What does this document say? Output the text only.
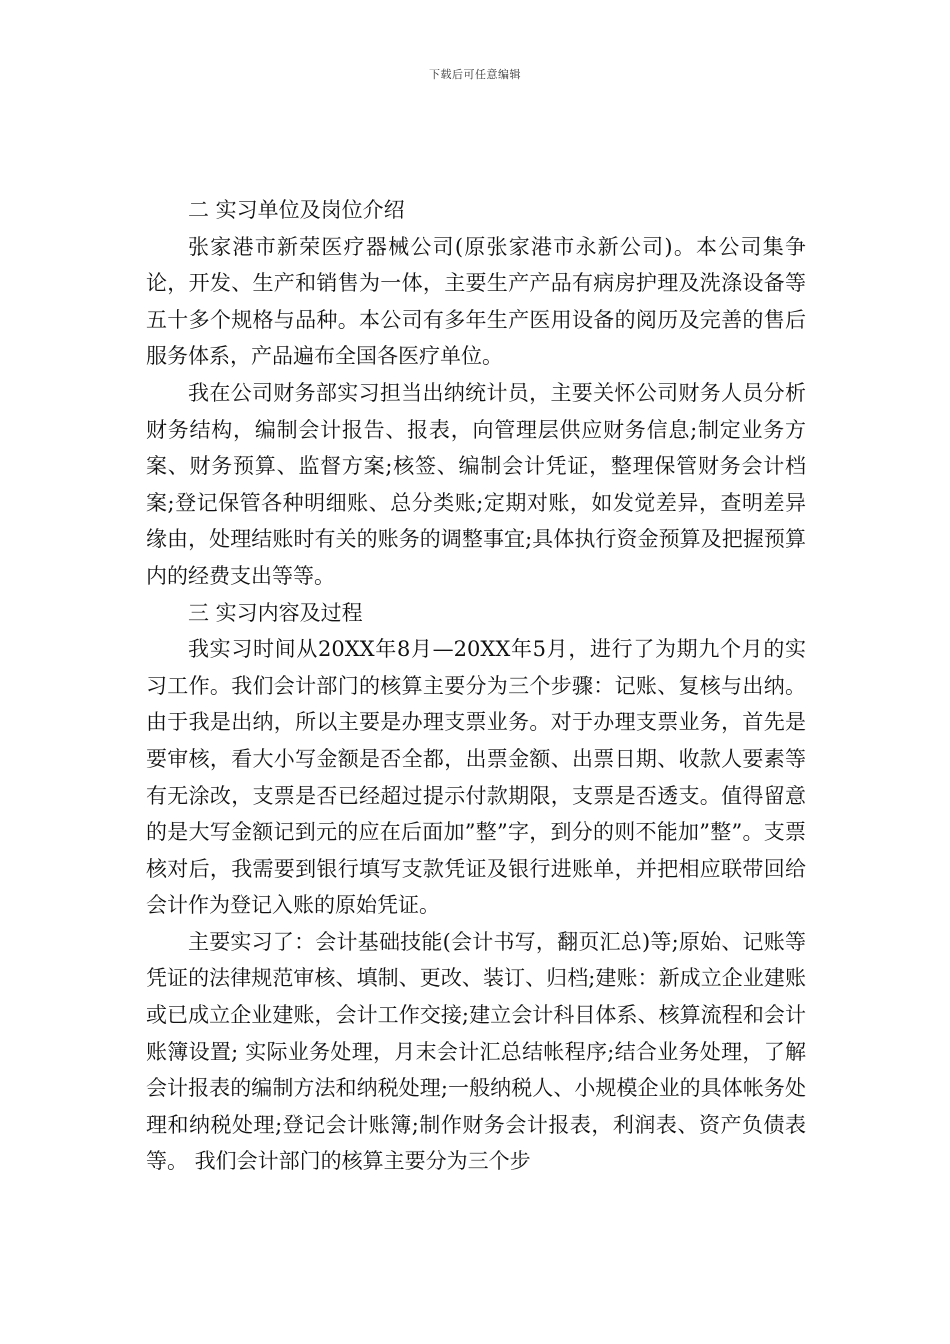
下载后可任意编辑

二 实习单位及岗位介绍

张家港市新荣医疗器械公司(原张家港市永新公司)。本公司集争论，开发、生产和销售为一体，主要生产产品有病房护理及洗涤设备等五十多个规格与品种。本公司有多年生产医用设备的阅历及完善的售后服务体系，产品遍布全国各医疗单位。

我在公司财务部实习担当出纳统计员，主要关怀公司财务人员分析财务结构，编制会计报告、报表，向管理层供应财务信息;制定业务方案、财务预算、监督方案;核签、编制会计凭证，整理保管财务会计档案;登记保管各种明细账、总分类账;定期对账，如发觉差异，查明差异缘由，处理结账时有关的账务的调整事宜;具体执行资金预算及把握预算内的经费支出等等。

三 实习内容及过程

我实习时间从20XX年8月—20XX年5月，进行了为期九个月的实习工作。我们会计部门的核算主要分为三个步骤：记账、复核与出纳。由于我是出纳，所以主要是办理支票业务。对于办理支票业务，首先是要审核，看大小写金额是否全都，出票金额、出票日期、收款人要素等有无涂改，支票是否已经超过提示付款期限，支票是否透支。值得留意的是大写金额记到元的应在后面加”整”字，到分的则不能加”整”。支票核对后，我需要到银行填写支款凭证及银行进账单，并把相应联带回给会计作为登记入账的原始凭证。

主要实习了：会计基础技能(会计书写，翻页汇总)等;原始、记账等凭证的法律规范审核、填制、更改、装订、归档;建账：新成立企业建账或已成立企业建账，会计工作交接;建立会计科目体系、核算流程和会计账簿设置; 实际业务处理，月末会计汇总结帐程序;结合业务处理，了解会计报表的编制方法和纳税处理;一般纳税人、小规模企业的具体帐务处理和纳税处理;登记会计账簿;制作财务会计报表，利润表、资产负债表等。 我们会计部门的核算主要分为三个步
